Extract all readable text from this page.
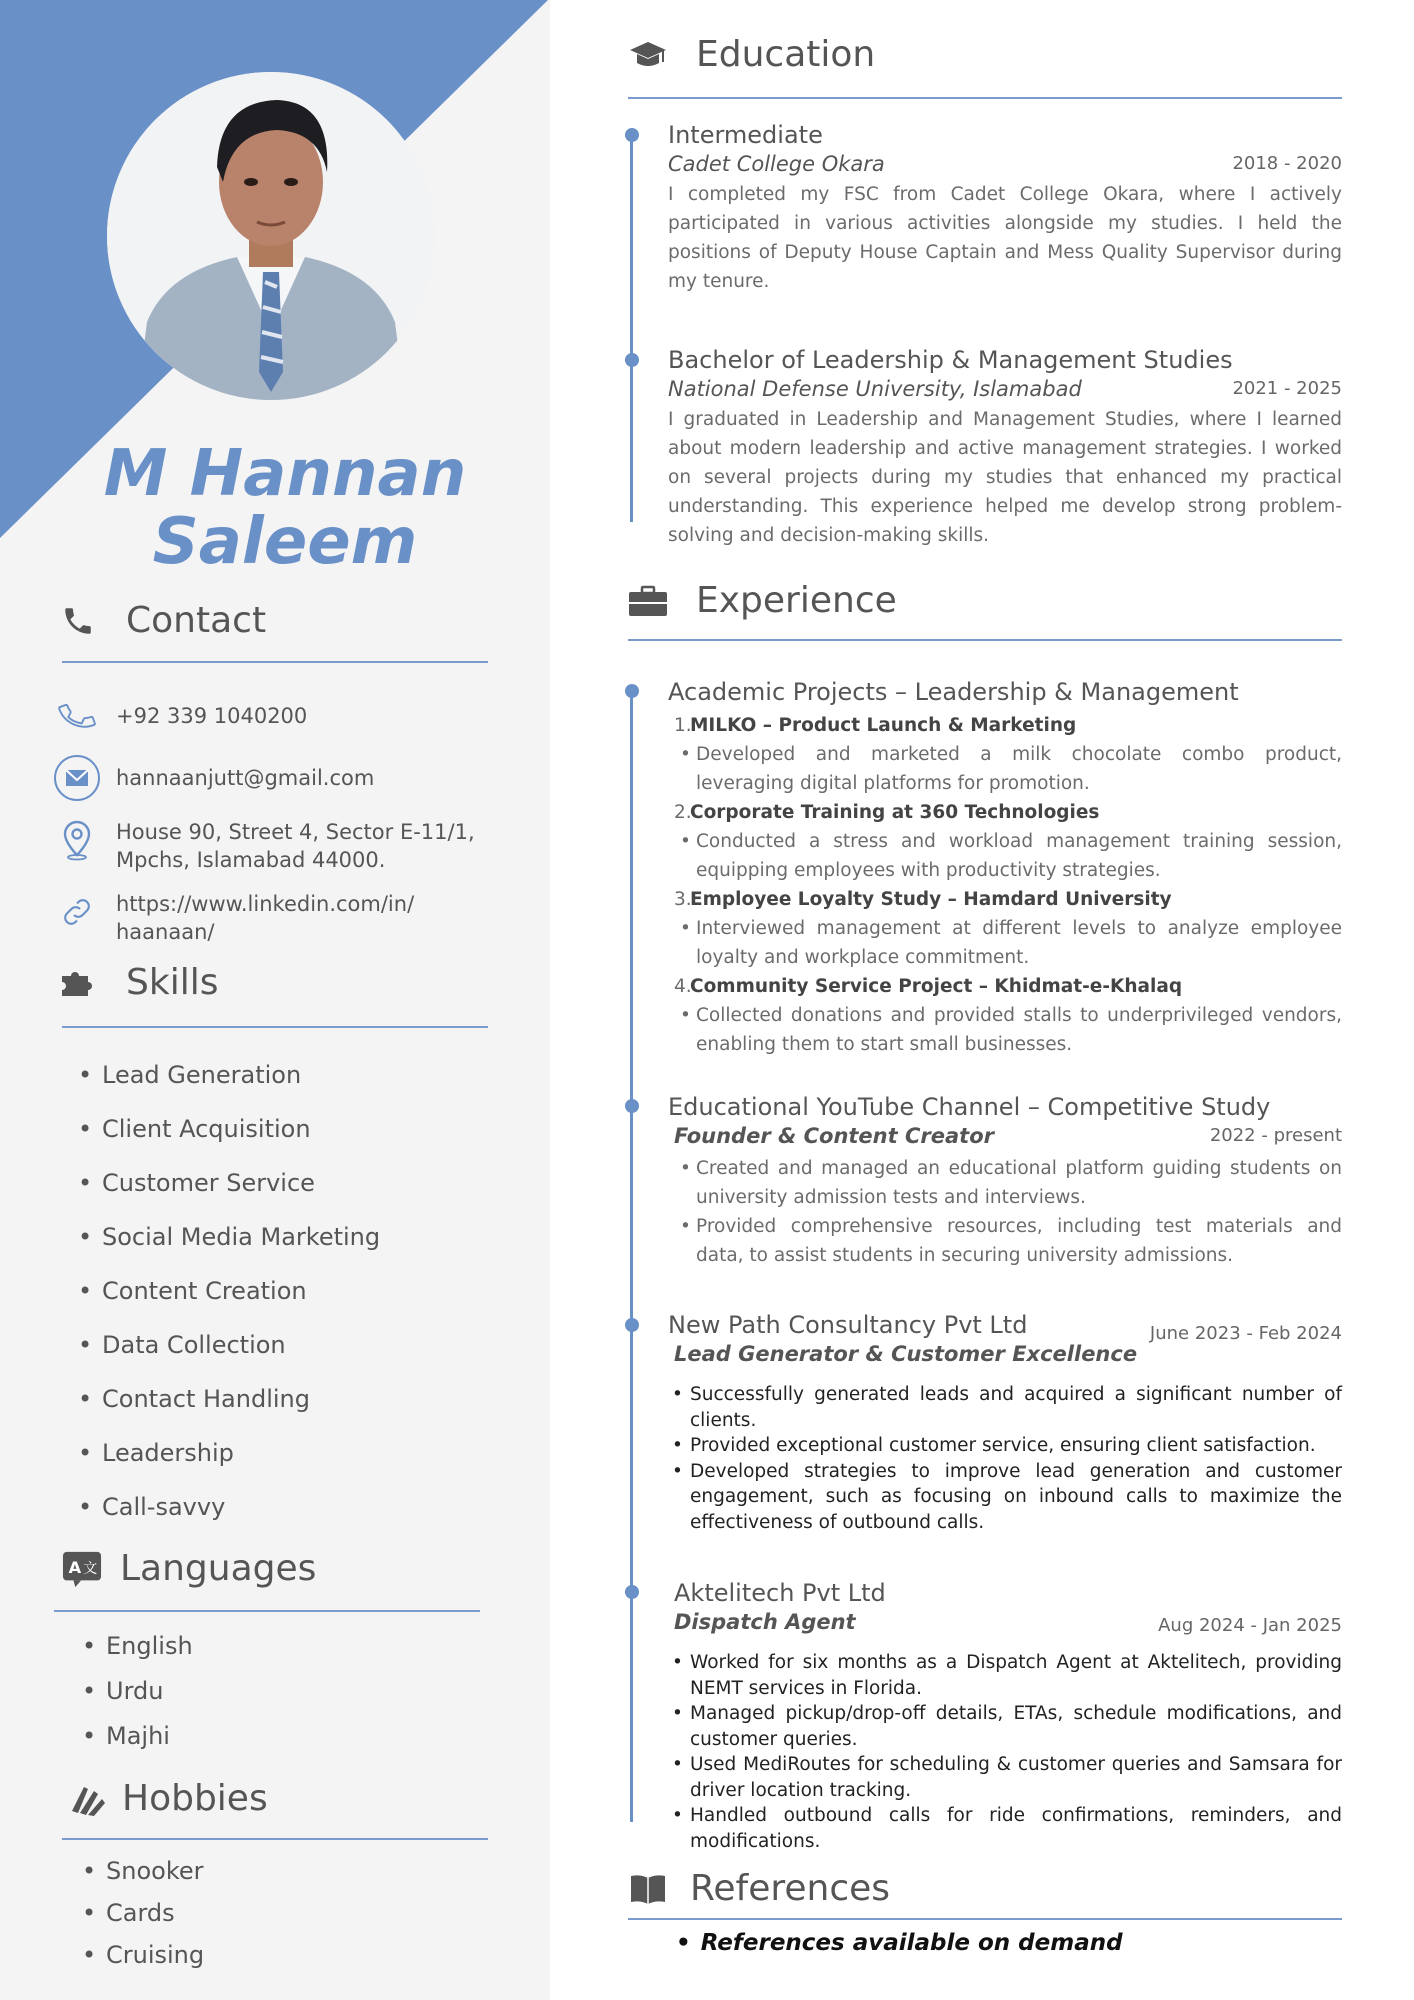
M Hannan
Saleem
Contact
+92 339 1040200
hannaanjutt@gmail.com
House 90, Street 4, Sector E-11/1,
Mpchs, Islamabad 44000.
https://www.linkedin.com/in/
haanaan/
Skills
• Lead Generation
• Client Acquisition
• Customer Service
• Social Media Marketing
• Content Creation
• Data Collection
• Contact Handling
• Leadership
• Call-savvy
A 文 Languages
• English
• Urdu
• Majhi
Hobbies
• Snooker
• Cards
• Cruising
Education
Intermediate
Cadet College Okara	2018 - 2020
I completed my FSC from Cadet College Okara, where I actively participated in various activities alongside my studies. I held the positions of Deputy House Captain and Mess Quality Supervisor during my tenure.
Bachelor of Leadership & Management Studies
National Defense University, Islamabad	2021 - 2025
I graduated in Leadership and Management Studies, where I learned about modern leadership and active management strategies. I worked on several projects during my studies that enhanced my practical understanding. This experience helped me develop strong problem-solving and decision-making skills.
Experience
Academic Projects – Leadership & Management
1.
MILKO – Product Launch & Marketing
• Developed and marketed a milk chocolate combo product, leveraging digital platforms for promotion.
2.
Corporate Training at 360 Technologies
• Conducted a stress and workload management training session, equipping employees with productivity strategies.
3.
Employee Loyalty Study – Hamdard University
• Interviewed management at different levels to analyze employee loyalty and workplace commitment.
4.
Community Service Project – Khidmat-e-Khalaq
• Collected donations and provided stalls to underprivileged vendors, enabling them to start small businesses.
Educational YouTube Channel – Competitive Study
Founder & Content Creator	2022 - present
• Created and managed an educational platform guiding students on university admission tests and interviews.
• Provided comprehensive resources, including test materials and data, to assist students in securing university admissions.
New Path Consultancy Pvt Ltd
Lead Generator & Customer Excellence
June 2023 - Feb 2024
• Successfully generated leads and acquired a significant number of clients.
• Provided exceptional customer service, ensuring client satisfaction.
• Developed strategies to improve lead generation and customer engagement, such as focusing on inbound calls to maximize the effectiveness of outbound calls.
Aktelitech Pvt Ltd
Dispatch Agent	Aug 2024 - Jan 2025
• Worked for six months as a Dispatch Agent at Aktelitech, providing NEMT services in Florida.
• Managed pickup/drop-off details, ETAs, schedule modifications, and customer queries.
• Used MediRoutes for scheduling & customer queries and Samsara for driver location tracking.
• Handled outbound calls for ride confirmations, reminders, and modifications.
References
• References available on demand
